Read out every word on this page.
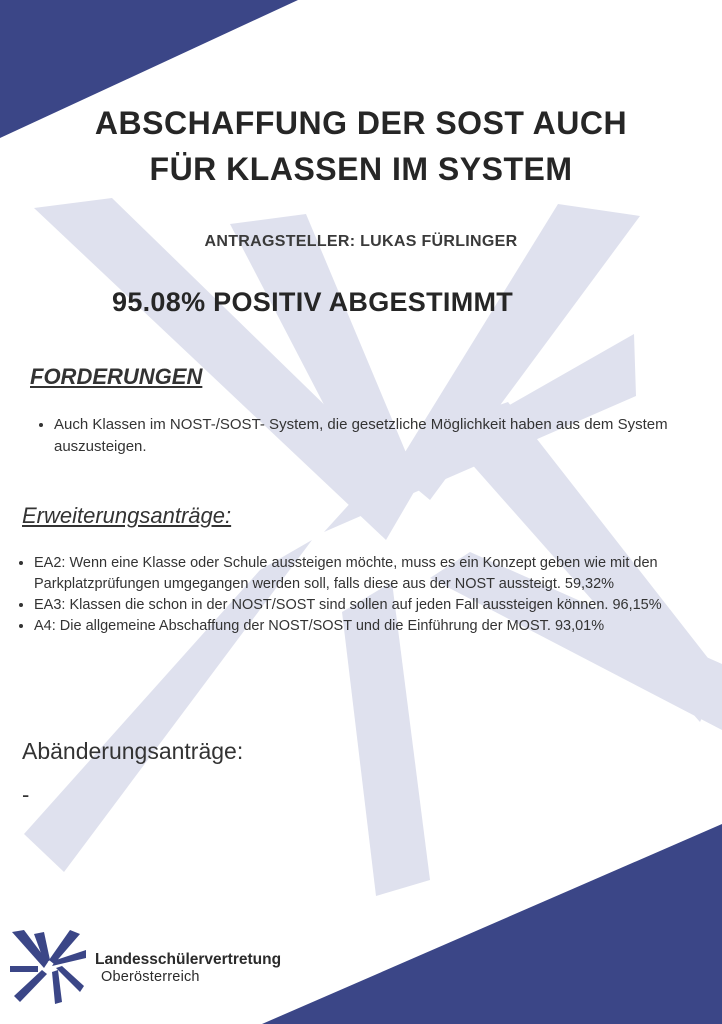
ABSCHAFFUNG DER SOST AUCH
FÜR KLASSEN IM SYSTEM
ANTRAGSTELLER: LUKAS FÜRLINGER
95.08% POSITIV ABGESTIMMT
FORDERUNGEN
• Auch Klassen im NOST-/SOST- System, die gesetzliche Möglichkeit haben aus dem System auszusteigen.
Erweiterungsanträge:
• EA2: Wenn eine Klasse oder Schule aussteigen möchte, muss es ein Konzept geben wie mit den Parkplatzprüfungen umgegangen werden soll, falls diese aus der NOST aussteigt. 59,32%
• EA3: Klassen die schon in der NOST/SOST sind sollen auf jeden Fall aussteigen können. 96,15%
• A4: Die allgemeine Abschaffung der NOST/SOST und die Einführung der MOST. 93,01%
Abänderungsanträge:
-
Landesschülervertretung
Oberösterreich
